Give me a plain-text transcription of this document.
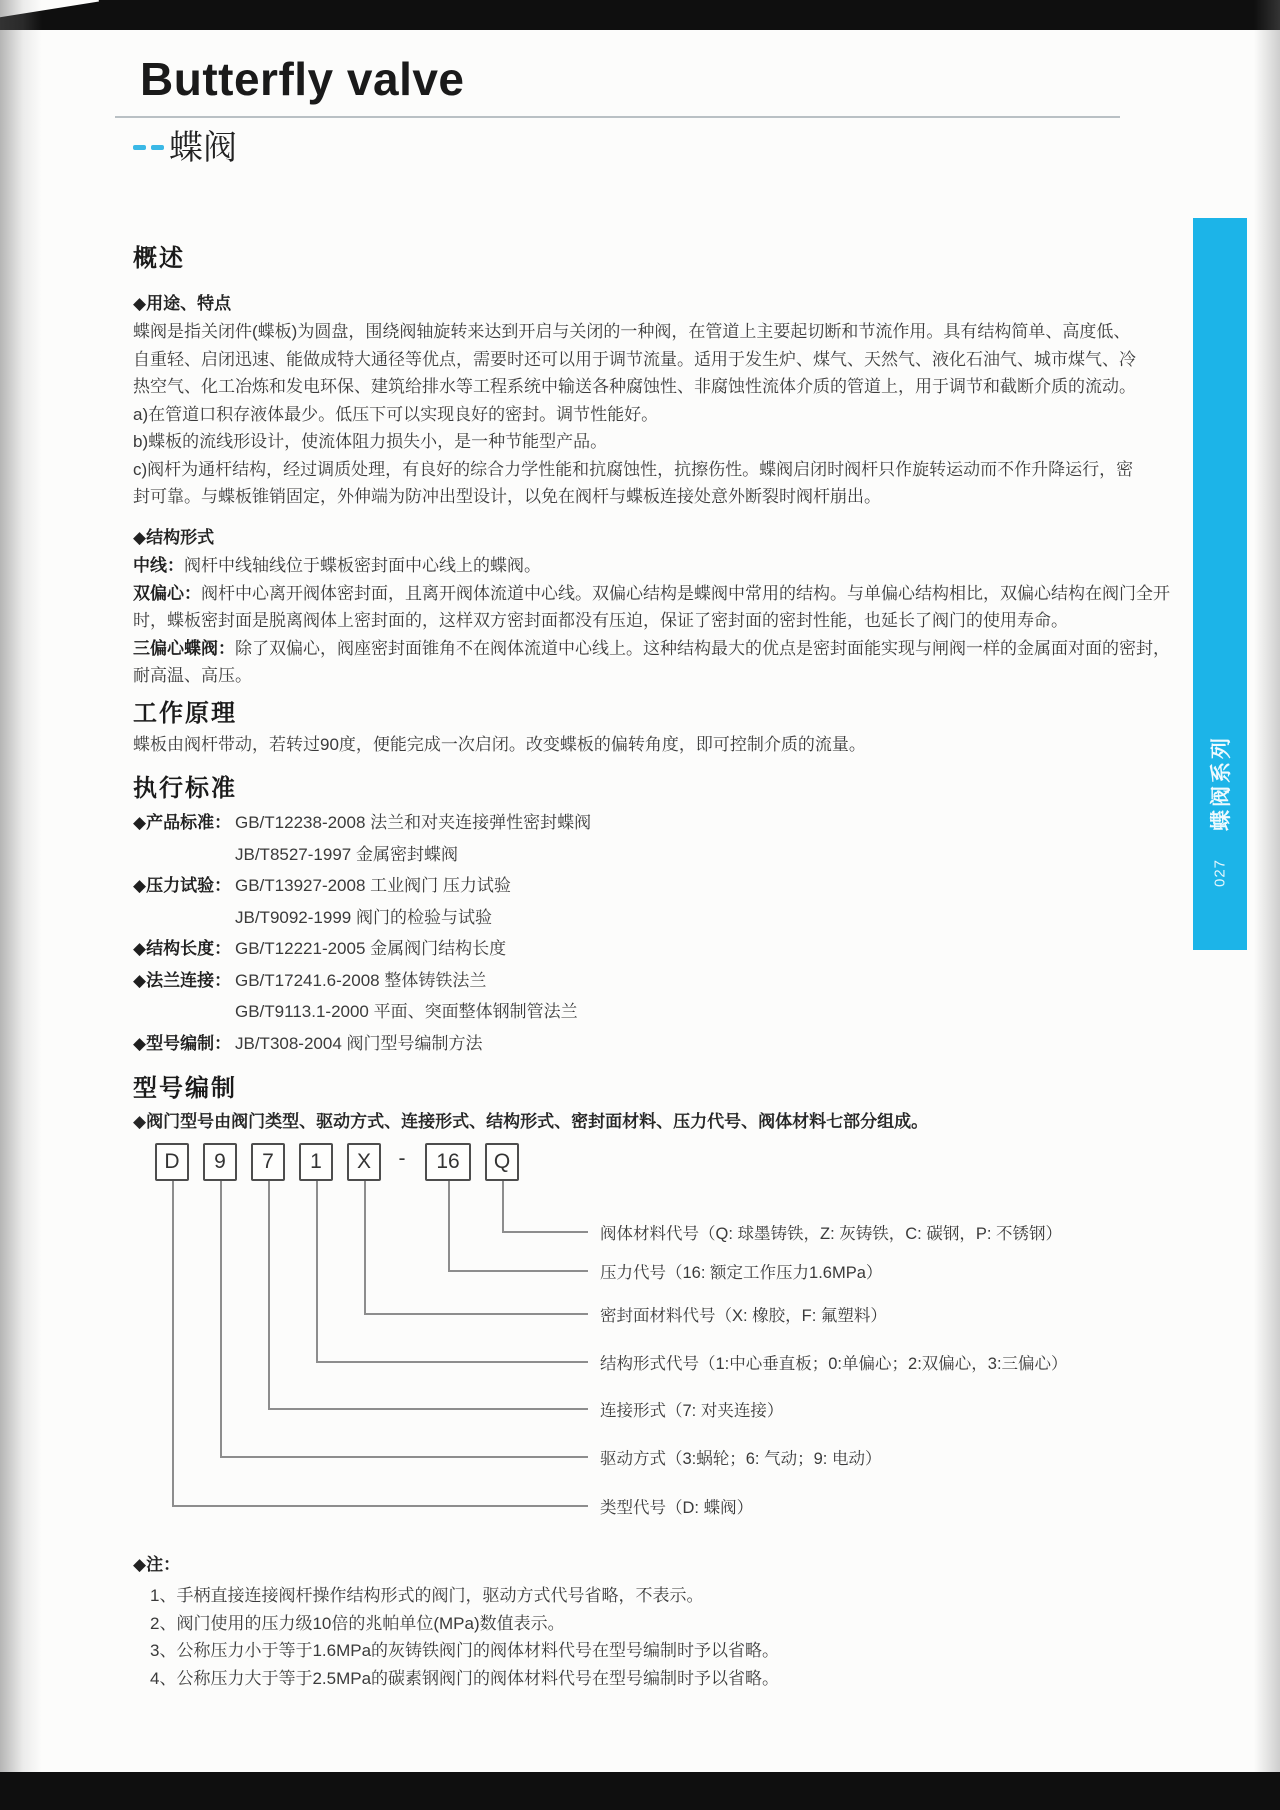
Butterfly valve
蝶阀
概述
◆用途、特点
蝶阀是指关闭件(蝶板)为圆盘，围绕阀轴旋转来达到开启与关闭的一种阀，在管道上主要起切断和节流作用。具有结构简单、高度低、
自重轻、启闭迅速、能做成特大通径等优点，需要时还可以用于调节流量。适用于发生炉、煤气、天然气、液化石油气、城市煤气、冷
热空气、化工冶炼和发电环保、建筑给排水等工程系统中输送各种腐蚀性、非腐蚀性流体介质的管道上，用于调节和截断介质的流动。
a)在管道口积存液体最少。低压下可以实现良好的密封。调节性能好。
b)蝶板的流线形设计，使流体阻力损失小，是一种节能型产品。
c)阀杆为通杆结构，经过调质处理，有良好的综合力学性能和抗腐蚀性，抗擦伤性。蝶阀启闭时阀杆只作旋转运动而不作升降运行，密
封可靠。与蝶板锥销固定，外伸端为防冲出型设计，以免在阀杆与蝶板连接处意外断裂时阀杆崩出。
◆结构形式
中线：阀杆中线轴线位于蝶板密封面中心线上的蝶阀。
双偏心：阀杆中心离开阀体密封面，且离开阀体流道中心线。双偏心结构是蝶阀中常用的结构。与单偏心结构相比，双偏心结构在阀门全开时，蝶板密封面是脱离阀体上密封面的，这样双方密封面都没有压迫，保证了密封面的密封性能，也延长了阀门的使用寿命。
三偏心蝶阀：除了双偏心，阀座密封面锥角不在阀体流道中心线上。这种结构最大的优点是密封面能实现与闸阀一样的金属面对面的密封，耐高温、高压。
工作原理
蝶板由阀杆带动，若转过90度，便能完成一次启闭。改变蝶板的偏转角度，即可控制介质的流量。
执行标准
◆产品标准： GB/T12238-2008 法兰和对夹连接弹性密封蝶阀
JB/T8527-1997 金属密封蝶阀
◆压力试验： GB/T13927-2008 工业阀门 压力试验
JB/T9092-1999 阀门的检验与试验
◆结构长度： GB/T12221-2005 金属阀门结构长度
◆法兰连接： GB/T17241.6-2008 整体铸铁法兰
GB/T9113.1-2000 平面、突面整体钢制管法兰
◆型号编制： JB/T308-2004 阀门型号编制方法
型号编制
◆阀门型号由阀门类型、驱动方式、连接形式、结构形式、密封面材料、压力代号、阀体材料七部分组成。
D	9	7	1	X	-	16	Q
阀体材料代号（Q: 球墨铸铁，Z: 灰铸铁，C: 碳钢，P: 不锈钢）
压力代号（16: 额定工作压力1.6MPa）
密封面材料代号（X: 橡胶，F: 氟塑料）
结构形式代号（1:中心垂直板；0:单偏心；2:双偏心，3:三偏心）
连接形式（7: 对夹连接）
驱动方式（3:蜗轮；6: 气动；9: 电动）
类型代号（D: 蝶阀）
◆注：
1、手柄直接连接阀杆操作结构形式的阀门，驱动方式代号省略，不表示。
2、阀门使用的压力级10倍的兆帕单位(MPa)数值表示。
3、公称压力小于等于1.6MPa的灰铸铁阀门的阀体材料代号在型号编制时予以省略。
4、公称压力大于等于2.5MPa的碳素钢阀门的阀体材料代号在型号编制时予以省略。
蝶阀系列
027
